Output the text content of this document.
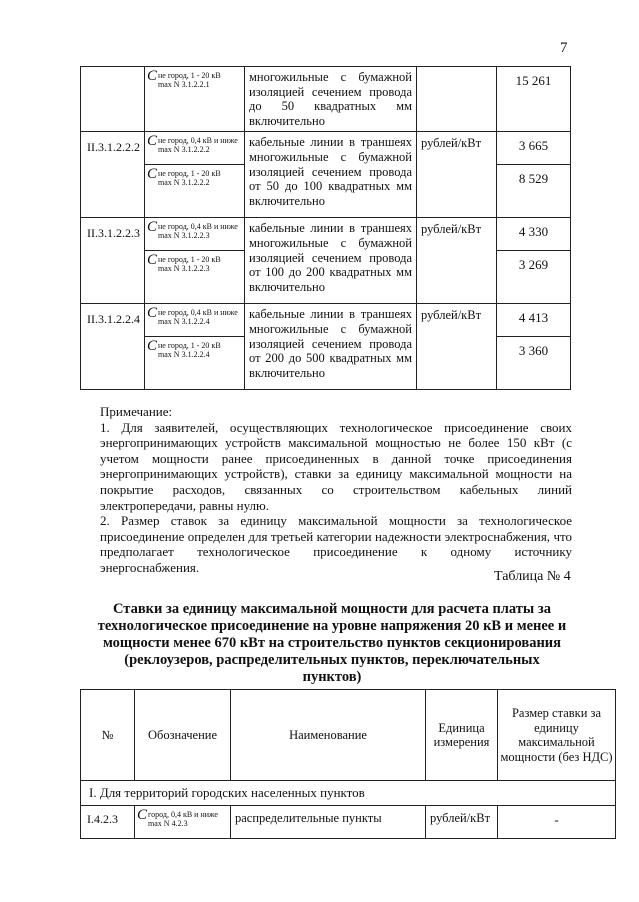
7
	Cне город, 1 - 20 кВ
max N 3.1.2.2.1	многожильные с бумажной изоляцией сечением провода до 50 квадратных мм включительно		15 261
II.3.1.2.2.2	Cне город, 0,4 кВ и ниже
max N 3.1.2.2.2	кабельные линии в траншеях многожильные с бумажной изоляцией сечением провода от 50 до 100 квадратных мм включительно	рублей/кВт	3 665
	Cне город, 1 - 20 кВ
max N 3.1.2.2.2			8 529
II.3.1.2.2.3	Cне город, 0,4 кВ и ниже
max N 3.1.2.2.3	кабельные линии в траншеях многожильные с бумажной изоляцией сечением провода от 100 до 200 квадратных мм включительно	рублей/кВт	4 330
	Cне город, 1 - 20 кВ
max N 3.1.2.2.3			3 269
II.3.1.2.2.4	Cне город, 0,4 кВ и ниже
max N 3.1.2.2.4	кабельные линии в траншеях многожильные с бумажной изоляцией сечением провода от 200 до 500 квадратных мм включительно	рублей/кВт	4 413
	Cне город, 1 - 20 кВ
max N 3.1.2.2.4			3 360

Примечание:

1. Для заявителей, осуществляющих технологическое присоединение своих энергопринимающих устройств максимальной мощностью не более 150 кВт (с учетом мощности ранее присоединенных в данной точке присоединения энергопринимающих устройств), ставки за единицу максимальной мощности на покрытие расходов, связанных со строительством кабельных линий электропередачи, равны нулю.

2. Размер ставок за единицу максимальной мощности за технологическое присоединение определен для третьей категории надежности электроснабжения, что предполагает технологическое присоединение к одному источнику энергоснабжения.

Таблица № 4
Ставки за единицу максимальной мощности для расчета платы за технологическое присоединение на уровне напряжения 20 кВ и менее и мощности менее 670 кВт на строительство пунктов секционирования (реклоузеров, распределительных пунктов, переключательных пунктов)
№	Обозначение	Наименование	Единица измерения	Размер ставки за единицу максимальной мощности (без НДС)
I. Для территорий городских населенных пунктов				
I.4.2.3	Cгород, 0,4 кВ и ниже
max N 4.2.3	распределительные пункты	рублей/кВт	-
